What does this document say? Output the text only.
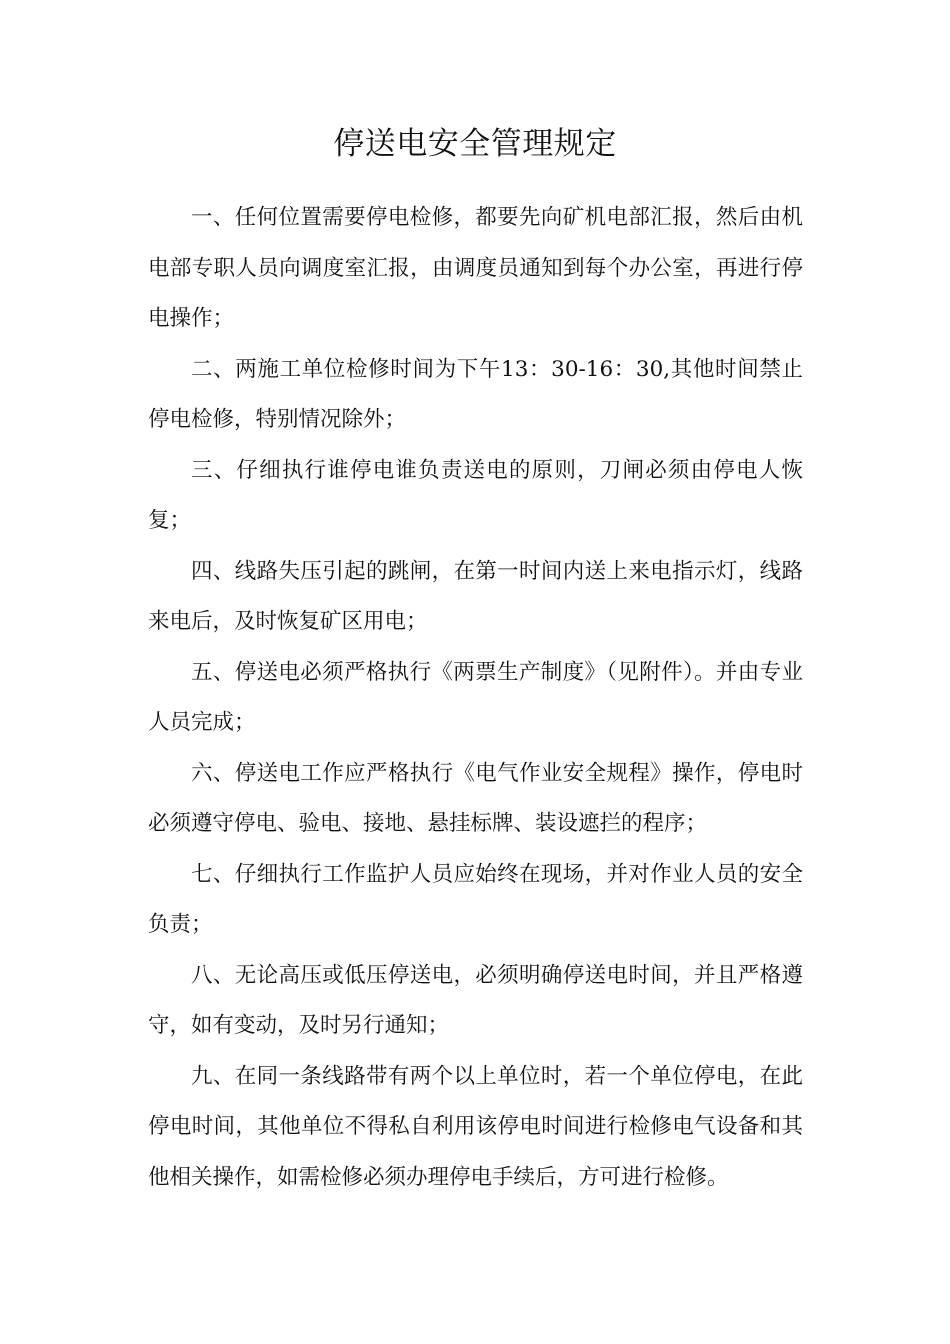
停送电安全管理规定

一、任何位置需要停电检修，都要先向矿机电部汇报，然后由机电部专职人员向调度室汇报，由调度员通知到每个办公室，再进行停电操作；

二、两施工单位检修时间为下午13：30-16：30,其他时间禁止停电检修，特别情况除外；

三、仔细执行谁停电谁负责送电的原则，刀闸必须由停电人恢复；

四、线路失压引起的跳闸，在第一时间内送上来电指示灯，线路来电后，及时恢复矿区用电；

五、停送电必须严格执行《两票生产制度》（见附件）。并由专业人员完成；

六、停送电工作应严格执行《电气作业安全规程》操作，停电时必须遵守停电、验电、接地、悬挂标牌、装设遮拦的程序；

七、仔细执行工作监护人员应始终在现场，并对作业人员的安全负责；

八、无论高压或低压停送电，必须明确停送电时间，并且严格遵守，如有变动，及时另行通知；

九、在同一条线路带有两个以上单位时，若一个单位停电，在此停电时间，其他单位不得私自利用该停电时间进行检修电气设备和其他相关操作，如需检修必须办理停电手续后，方可进行检修。
